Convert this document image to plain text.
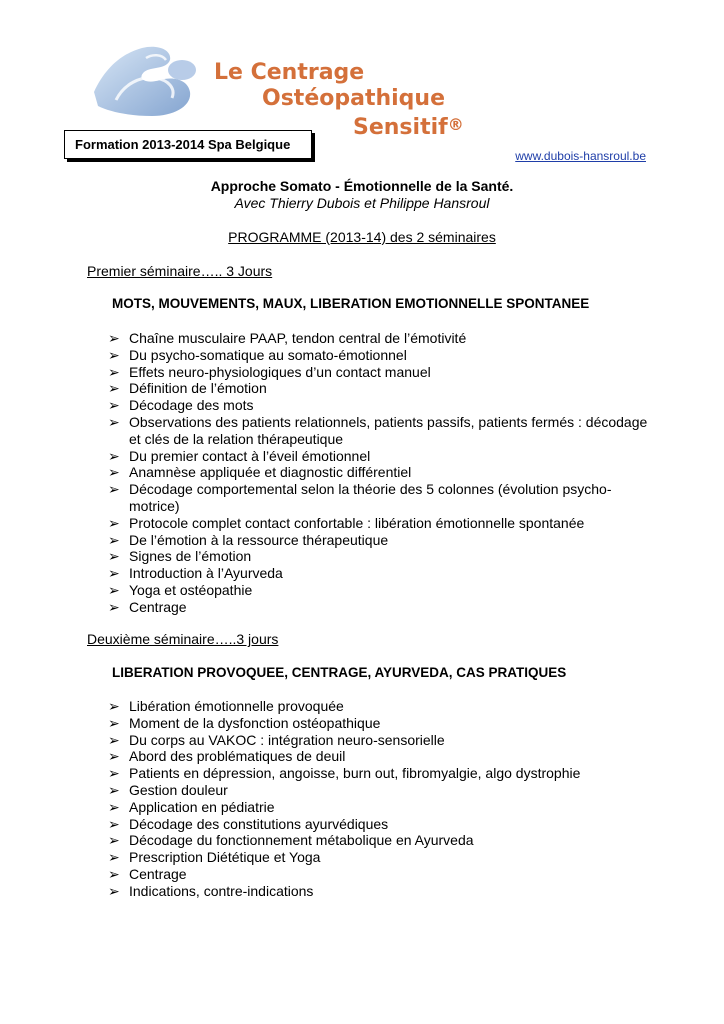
Le Centrage
Ostéopathique
Sensitif®
Formation 2013-2014 Spa Belgique
www.dubois-hansroul.be
Approche Somato - Émotionnelle de la Santé.
Avec Thierry Dubois et Philippe Hansroul
PROGRAMME (2013-14) des 2 séminaires
Premier séminaire….. 3 Jours
MOTS, MOUVEMENTS, MAUX, LIBERATION EMOTIONNELLE SPONTANEE
➢ Chaîne musculaire PAAP, tendon central de l’émotivité
➢ Du psycho-somatique au somato-émotionnel
➢ Effets neuro-physiologiques d’un contact manuel
➢ Définition de l’émotion
➢ Décodage des mots
➢ Observations des patients relationnels, patients passifs, patients fermés : décodage et clés de la relation thérapeutique
➢ Du premier contact à l’éveil émotionnel
➢ Anamnèse appliquée et diagnostic différentiel
➢ Décodage comportemental selon la théorie des 5 colonnes (évolution psycho-motrice)
➢ Protocole complet contact confortable : libération émotionnelle spontanée
➢ De l’émotion à la ressource thérapeutique
➢ Signes de l’émotion
➢ Introduction à l’Ayurveda
➢ Yoga et ostéopathie
➢ Centrage
Deuxième séminaire…..3 jours
LIBERATION PROVOQUEE, CENTRAGE, AYURVEDA, CAS PRATIQUES
➢ Libération émotionnelle provoquée
➢ Moment de la dysfonction ostéopathique
➢ Du corps au VAKOC : intégration neuro-sensorielle
➢ Abord des problématiques de deuil
➢ Patients en dépression, angoisse, burn out, fibromyalgie, algo dystrophie
➢ Gestion douleur
➢ Application en pédiatrie
➢ Décodage des constitutions ayurvédiques
➢ Décodage du fonctionnement métabolique en Ayurveda
➢ Prescription Diététique et Yoga
➢ Centrage
➢ Indications, contre-indications
